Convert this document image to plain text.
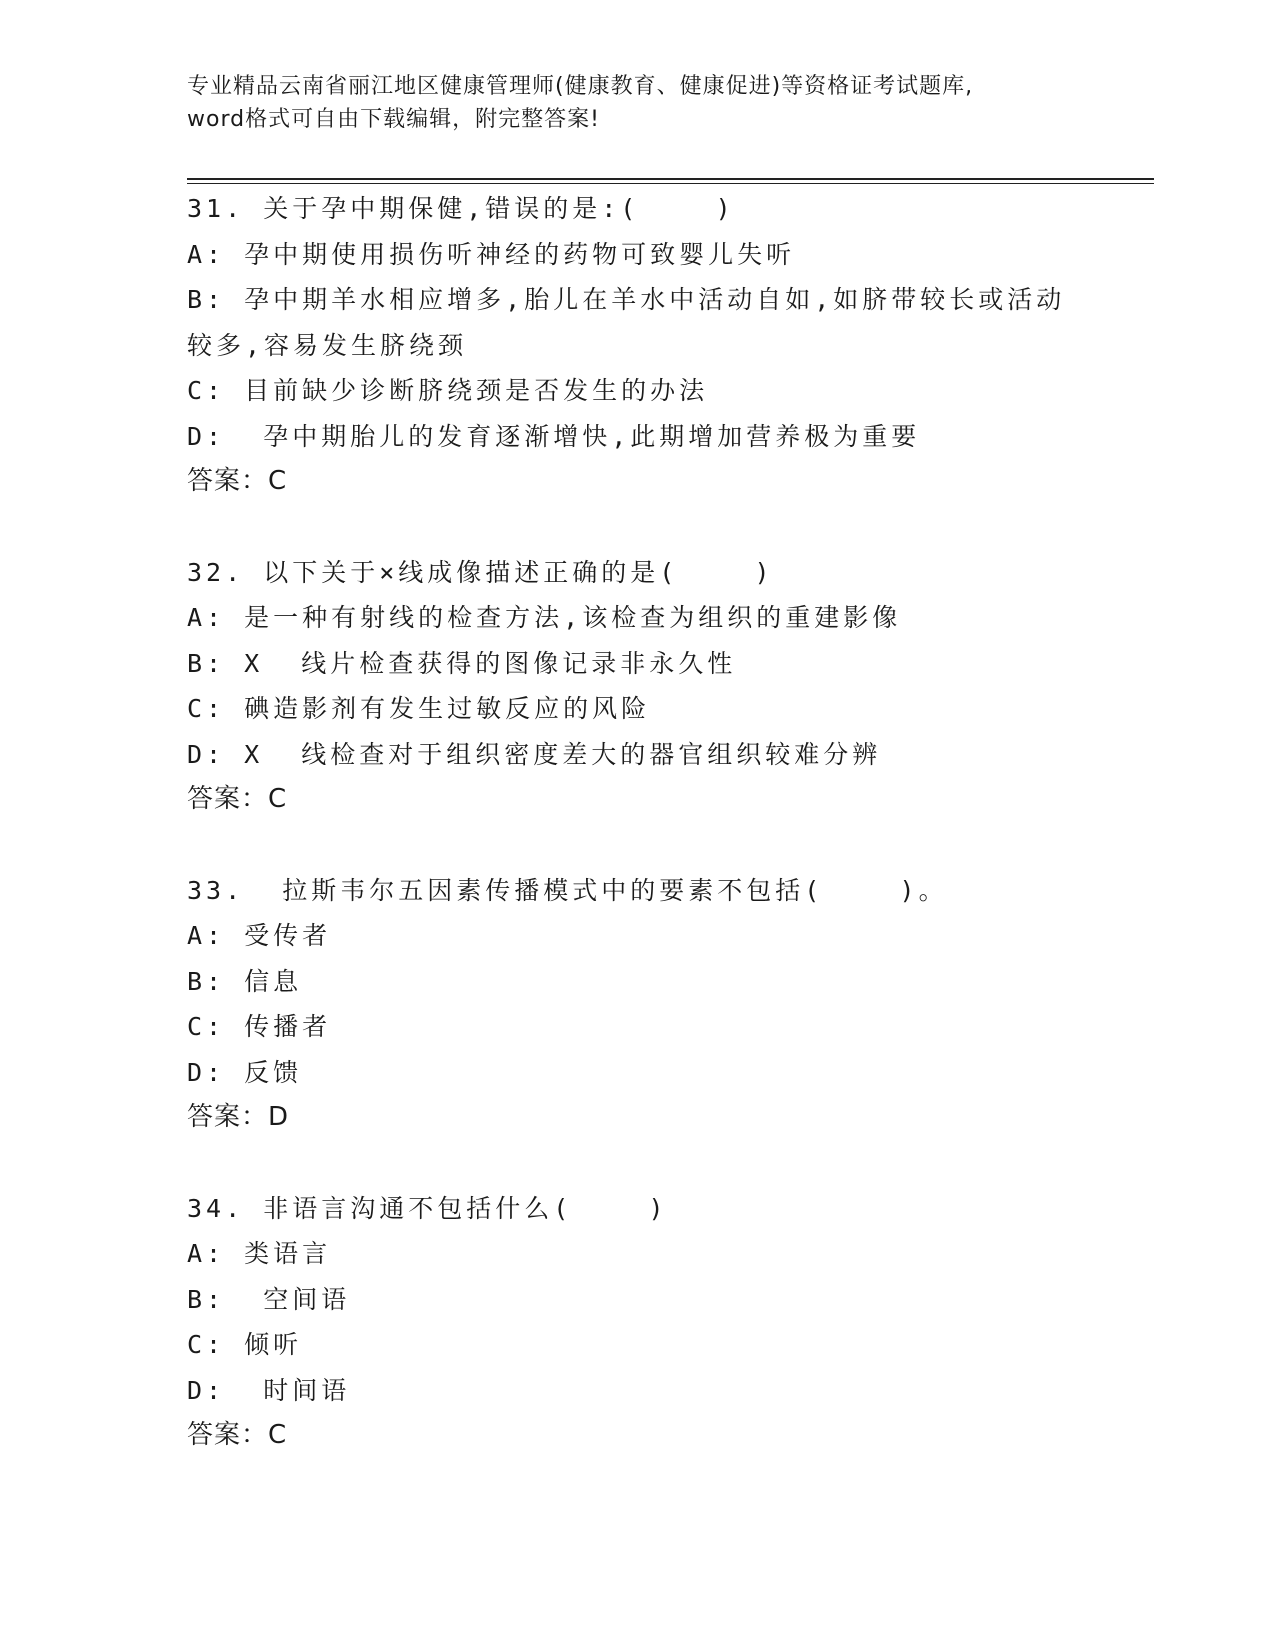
专业精品云南省丽江地区健康管理师(健康教育、健康促进)等资格证考试题库,
word格式可自由下载编辑，附完整答案!
31. 关于孕中期保健,错误的是:(    )
A: 孕中期使用损伤听神经的药物可致婴儿失听
B: 孕中期羊水相应增多,胎儿在羊水中活动自如,如脐带较长或活动较多,容易发生脐绕颈
C: 目前缺少诊断脐绕颈是否发生的办法
D:  孕中期胎儿的发育逐渐增快,此期增加营养极为重要
答案：C
32. 以下关于×线成像描述正确的是(    )
A: 是一种有射线的检查方法,该检查为组织的重建影像
B: X  线片检查获得的图像记录非永久性
C: 碘造影剂有发生过敏反应的风险
D: X  线检查对于组织密度差大的器官组织较难分辨
答案：C
33.  拉斯韦尔五因素传播模式中的要素不包括(    )。
A: 受传者
B: 信息
C: 传播者
D: 反馈
答案：D
34. 非语言沟通不包括什么(    )
A: 类语言
B:  空间语
C: 倾听
D:  时间语
答案：C
